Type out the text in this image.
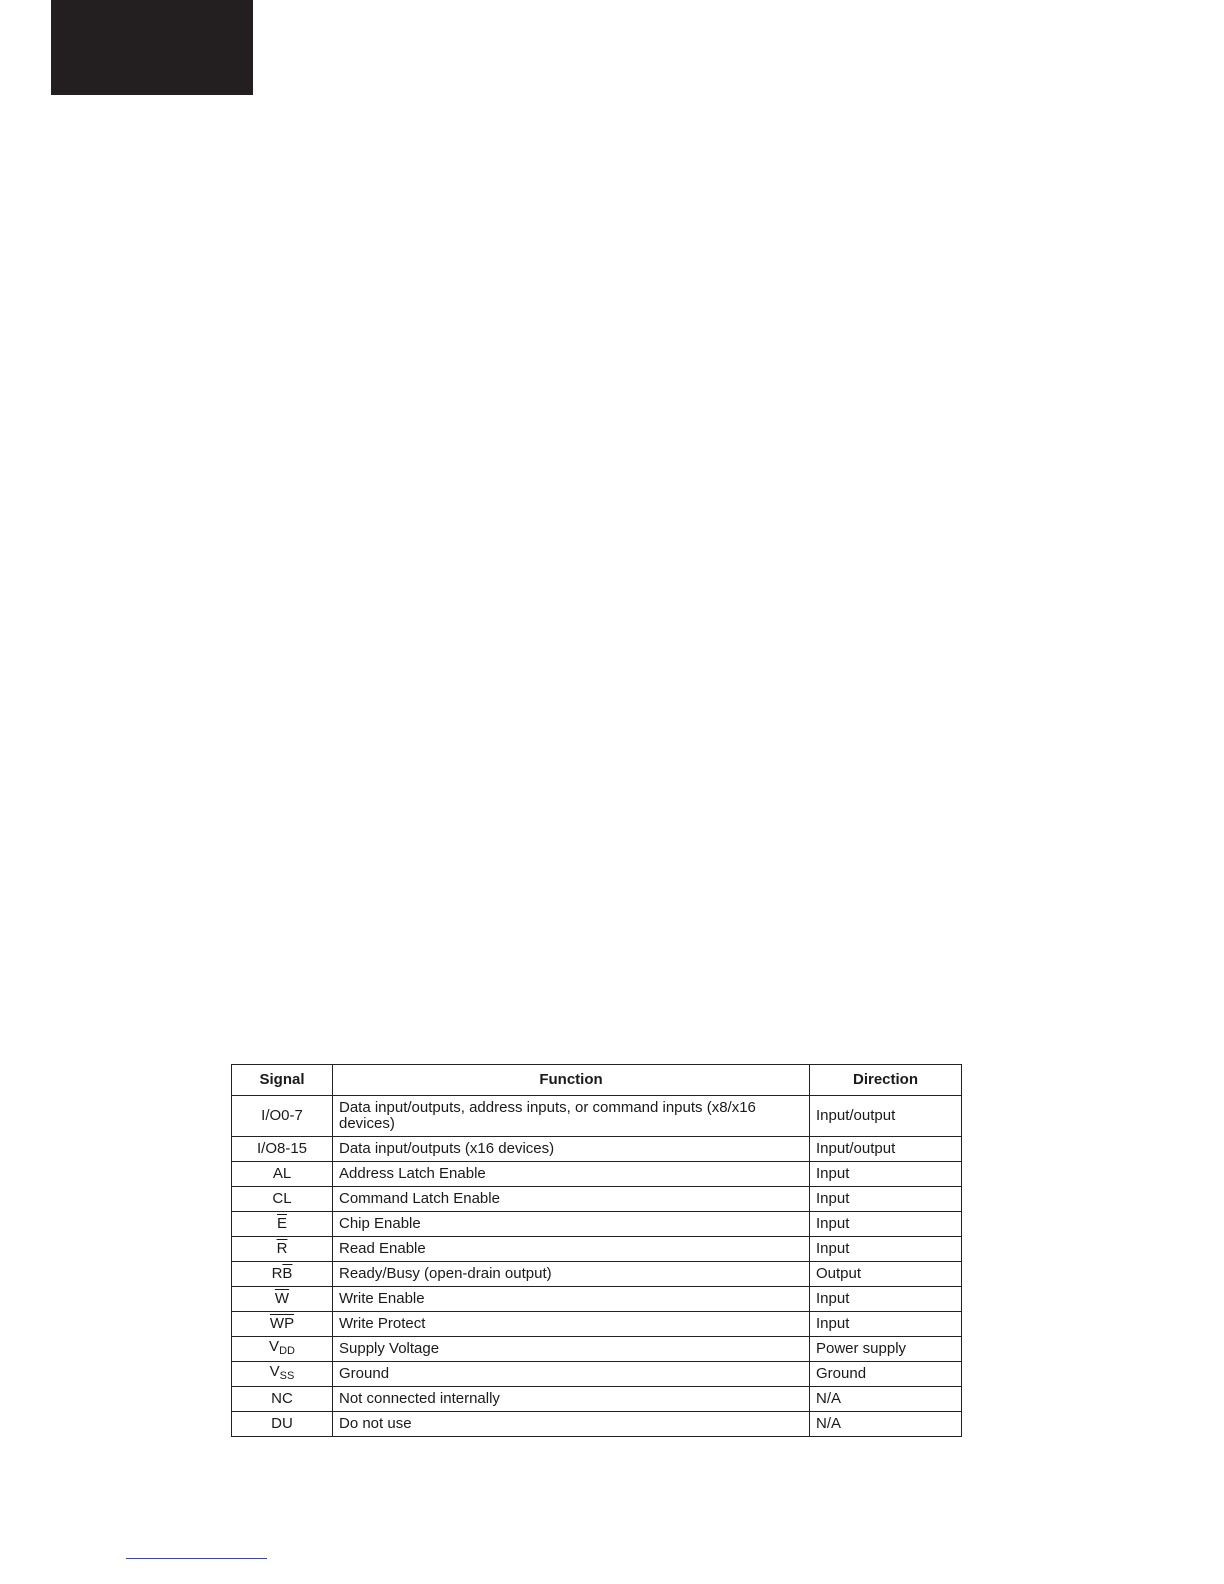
Signal	Function	Direction
I/O0-7	Data input/outputs, address inputs, or command inputs (x8/x16 devices)	Input/output
I/O8-15	Data input/outputs (x16 devices)	Input/output
AL	Address Latch Enable	Input
CL	Command Latch Enable	Input
$\overline{E}$	Chip Enable	Input
$\overline{R}$	Read Enable	Input
$R\overline{B}$	Ready/Busy (open-drain output)	Output
$\overline{W}$	Write Enable	Input
$\overline{WP}$	Write Protect	Input
$V_{DD}$	Supply Voltage	Power supply
$V_{SS}$	Ground	Ground
NC	Not connected internally	N/A
DU	Do not use	N/A
